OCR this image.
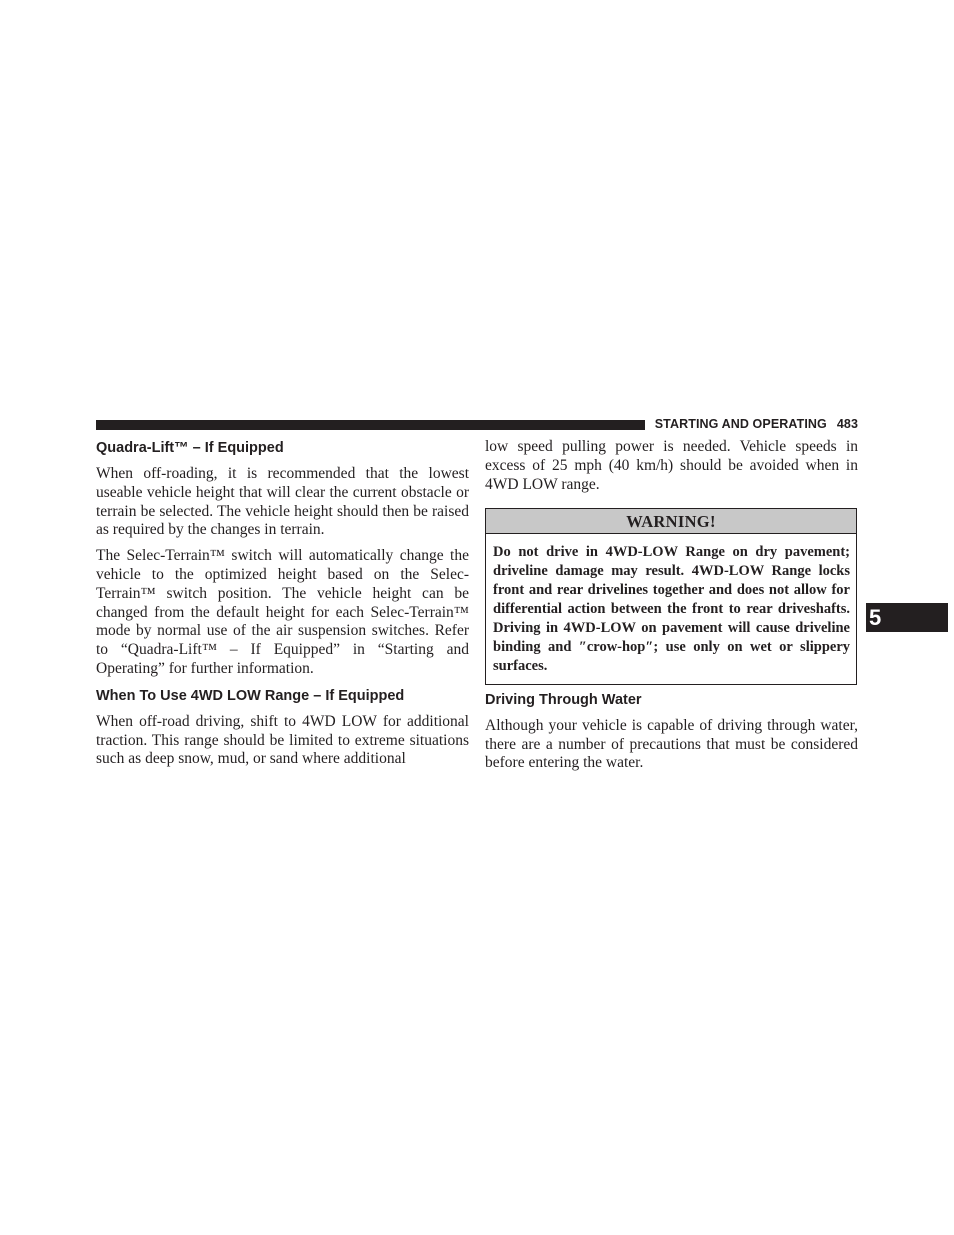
STARTING AND OPERATING 483
Quadra-Lift™ – If Equipped

When off-roading, it is recommended that the lowest useable vehicle height that will clear the current obstacle or terrain be selected. The vehicle height should then be raised as required by the changes in terrain.

The Selec-Terrain™ switch will automatically change the vehicle to the optimized height based on the Selec-Terrain™ switch position. The vehicle height can be changed from the default height for each Selec-Terrain™ mode by normal use of the air suspension switches. Refer to “Quadra-Lift™ – If Equipped” in “Starting and Operating” for further information.

When To Use 4WD LOW Range – If Equipped

When off-road driving, shift to 4WD LOW for additional traction. This range should be limited to extreme situations such as deep snow, mud, or sand where additional

low speed pulling power is needed. Vehicle speeds in excess of 25 mph (40 km/h) should be avoided when in 4WD LOW range.

WARNING!
Do not drive in 4WD-LOW Range on dry pavement; driveline damage may result. 4WD-LOW Range locks front and rear drivelines together and does not allow for differential action between the front to rear driveshafts. Driving in 4WD-LOW on pavement will cause driveline binding and ″crow-hop″; use only on wet or slippery surfaces.
Driving Through Water

Although your vehicle is capable of driving through water, there are a number of precautions that must be considered before entering the water.

5
